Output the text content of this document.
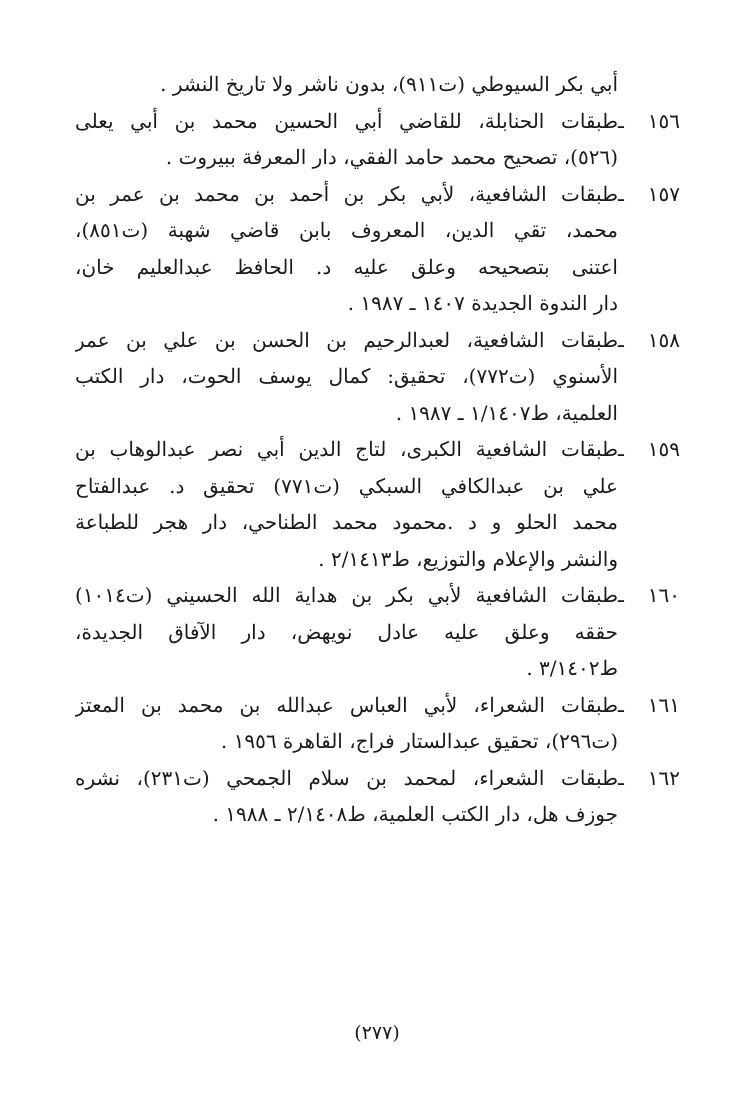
أبي بكر السيوطي (ت٩١١)، بدون ناشر ولا تاريخ النشر .
١٥٦ ـطبقات الحنابلة، للقاضي أبي الحسين محمد بن أبي يعلى
(٥٢٦)، تصحيح محمد حامد الفقي، دار المعرفة ببيروت .
١٥٧ ـطبقات الشافعية، لأبي بكر بن أحمد بن محمد بن عمر بن
محمد، تقي الدين، المعروف بابن قاضي شهبة (ت٨٥١)،
اعتنى بتصحيحه وعلق عليه د. الحافظ عبدالعليم خان،
دار الندوة الجديدة ١٤٠٧ ـ ١٩٨٧ .
١٥٨ ـطبقات الشافعية، لعبدالرحيم بن الحسن بن علي بن عمر
الأسنوي (ت٧٧٢)، تحقيق: كمال يوسف الحوت، دار الكتب
العلمية، ط١/١٤٠٧ ـ ١٩٨٧ .
١٥٩ ـطبقات الشافعية الكبرى، لتاج الدين أبي نصر عبدالوهاب بن
علي بن عبدالكافي السبكي (ت٧٧١) تحقيق د. عبدالفتاح
محمد الحلو و د .محمود محمد الطناحي، دار هجر للطباعة
والنشر والإعلام والتوزيع، ط٢/١٤١٣ .
١٦٠ ـطبقات الشافعية لأبي بكر بن هداية الله الحسيني (ت١٠١٤)
حققه وعلق عليه عادل نويهض، دار الآفاق الجديدة،
ط٣/١٤٠٢ .
١٦١ ـطبقات الشعراء، لأبي العباس عبدالله بن محمد بن المعتز
(ت٢٩٦)، تحقيق عبدالستار فراج، القاهرة ١٩٥٦ .
١٦٢ ـطبقات الشعراء، لمحمد بن سلام الجمحي (ت٢٣١)، نشره
جوزف هل، دار الكتب العلمية، ط٢/١٤٠٨ ـ ١٩٨٨ .
(٢٧٧)
